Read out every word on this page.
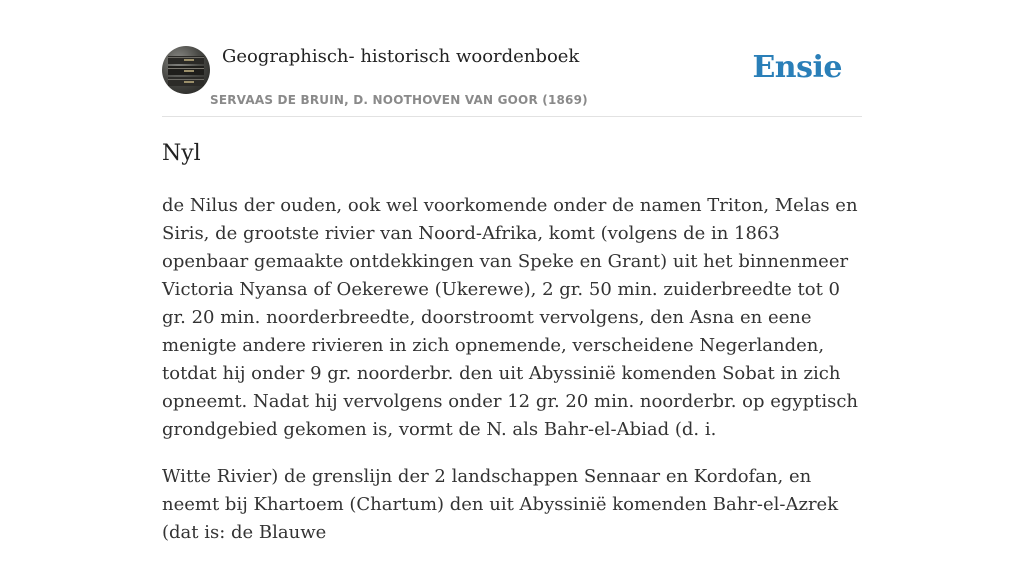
Geographisch- historisch woordenboek
SERVAAS DE BRUIN, D. NOOTHOVEN VAN GOOR (1869)
Ensie
Nyl

de Nilus der ouden, ook wel voorkomende onder de namen Triton, Melas en Siris, de grootste rivier van Noord-Afrika, komt (volgens de in 1863 openbaar gemaakte ontdekkingen van Speke en Grant) uit het binnenmeer Victoria Nyansa of Oekerewe (Ukerewe), 2 gr. 50 min. zuiderbreedte tot 0 gr. 20 min. noorderbreedte, doorstroomt vervolgens, den Asna en eene menigte andere rivieren in zich opnemende, verscheidene Negerlanden, totdat hij onder 9 gr. noorderbr. den uit Abyssinië komenden Sobat in zich opneemt. Nadat hij vervolgens onder 12 gr. 20 min. noorderbr. op egyptisch grondgebied gekomen is, vormt de N. als Bahr-el-Abiad (d. i.

Witte Rivier) de grenslijn der 2 landschappen Sennaar en Kordofan, en neemt bij Khartoem (Chartum) den uit Abyssinië komenden Bahr-el-Azrek (dat is: de Blauwe
